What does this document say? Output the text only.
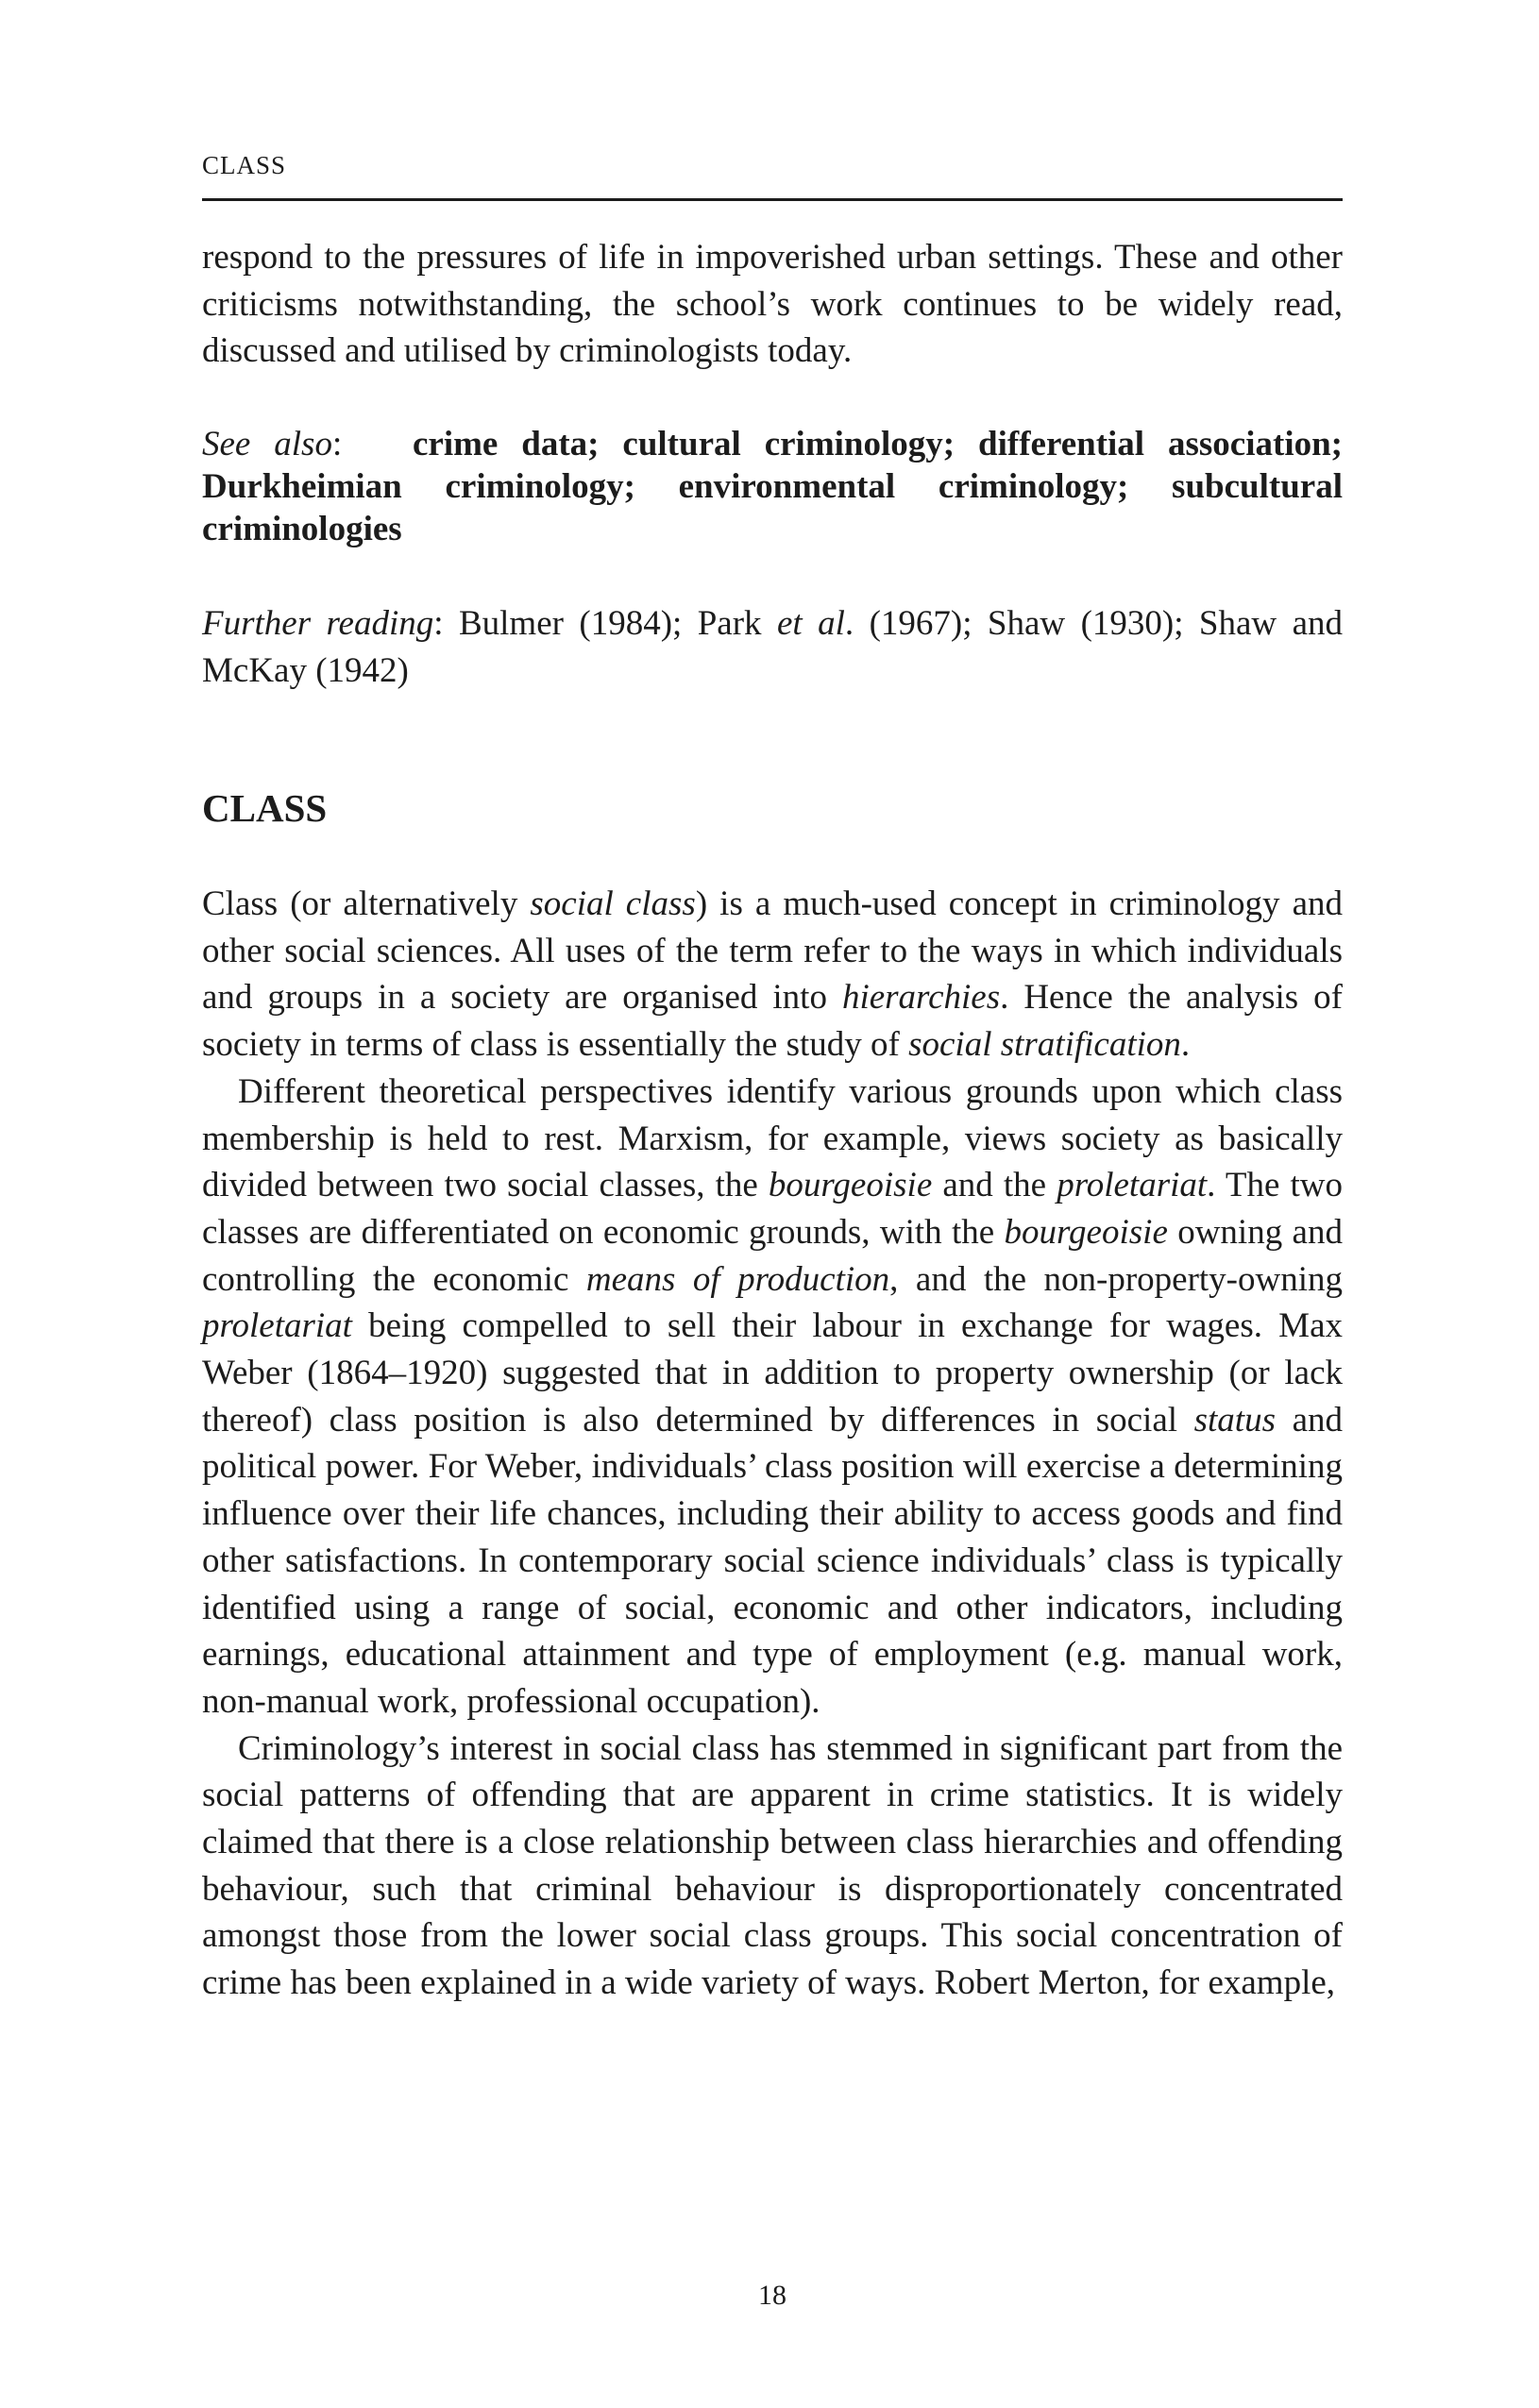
CLASS

respond to the pressures of life in impoverished urban settings. These and other criticisms notwithstanding, the school’s work continues to be widely read, discussed and utilised by criminologists today.

See also: crime data; cultural criminology; differential association; Durkheimian criminology; environmental criminology; subcultural criminologies

Further reading: Bulmer (1984); Park et al. (1967); Shaw (1930); Shaw and McKay (1942)

CLASS

Class (or alternatively social class) is a much-used concept in criminology and other social sciences. All uses of the term refer to the ways in which individuals and groups in a society are organised into hierarchies. Hence the analysis of society in terms of class is essentially the study of social stratification.

Different theoretical perspectives identify various grounds upon which class membership is held to rest. Marxism, for example, views society as basically divided between two social classes, the bourgeoisie and the proletariat. The two classes are differentiated on economic grounds, with the bourgeoisie owning and controlling the economic means of production, and the non-property-owning proletariat being compelled to sell their labour in exchange for wages. Max Weber (1864–1920) suggested that in addition to property ownership (or lack thereof) class position is also determined by differences in social status and political power. For Weber, individuals’ class position will exercise a determining influence over their life chances, including their ability to access goods and find other satisfactions. In contemporary social science individuals’ class is typically identified using a range of social, economic and other indicators, including earnings, educational attainment and type of employment (e.g. manual work, non-manual work, professional occupation).

Criminology’s interest in social class has stemmed in significant part from the social patterns of offending that are apparent in crime statistics. It is widely claimed that there is a close relationship between class hierarchies and offending behaviour, such that criminal behaviour is disproportionately concentrated amongst those from the lower social class groups. This social concentration of crime has been explained in a wide variety of ways. Robert Merton, for example,

18
